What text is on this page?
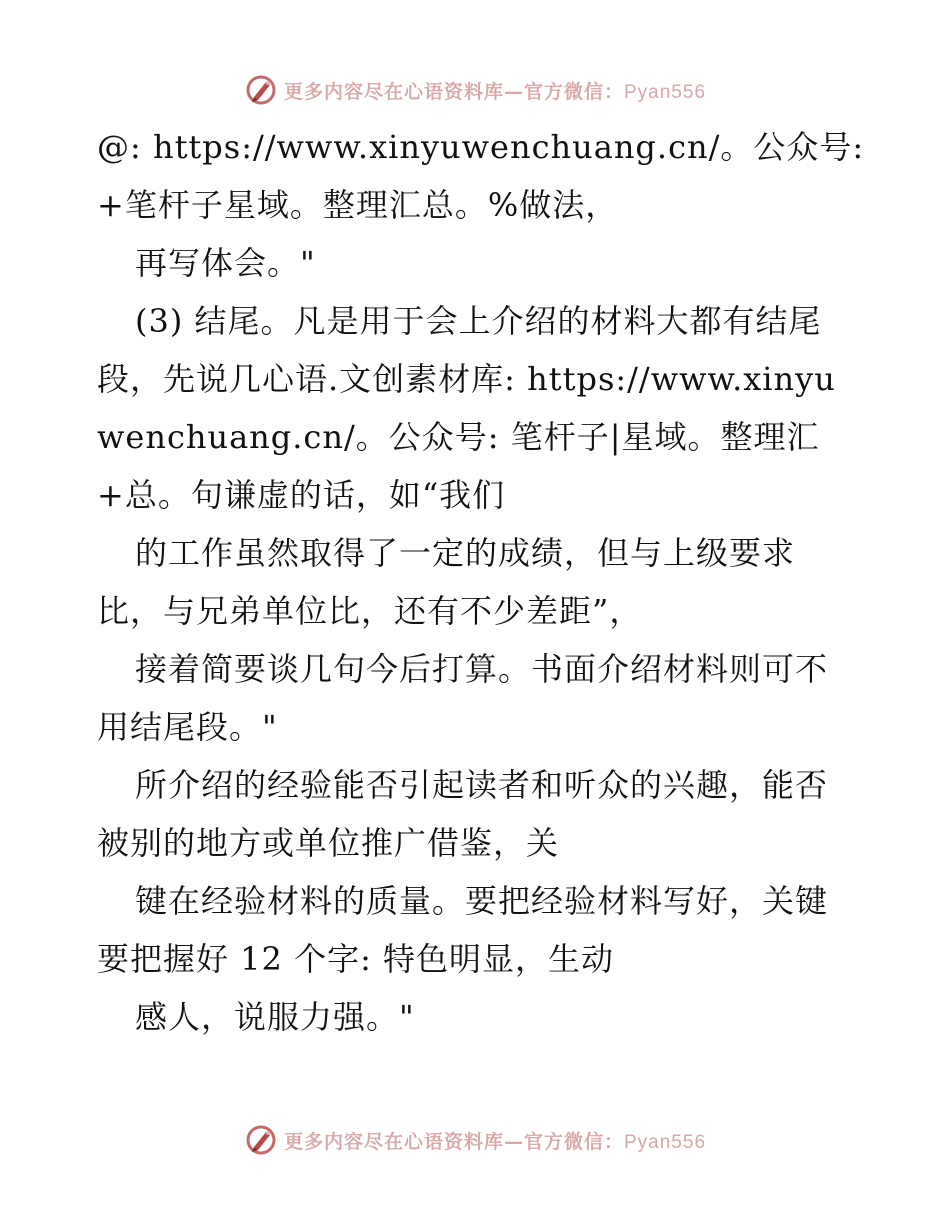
更多内容尽在心语资料库—官方微信：Pyan556
@: https://www.xinyuwenchuang.cn/。公众号:
+笔杆子星域。整理汇总。%做法，
再写体会。"
(3) 结尾。凡是用于会上介绍的材料大都有结尾
段，先说几心语.文创素材库: https://www.xinyu
wenchuang.cn/。公众号: 笔杆子|星域。整理汇
+总。句谦虚的话，如“我们
的工作虽然取得了一定的成绩，但与上级要求
比，与兄弟单位比，还有不少差距”，
接着简要谈几句今后打算。书面介绍材料则可不
用结尾段。"
所介绍的经验能否引起读者和听众的兴趣，能否
被别的地方或单位推广借鉴，关
键在经验材料的质量。要把经验材料写好，关键
要把握好 12 个字: 特色明显，生动
感人，说服力强。"
更多内容尽在心语资料库—官方微信：Pyan556
